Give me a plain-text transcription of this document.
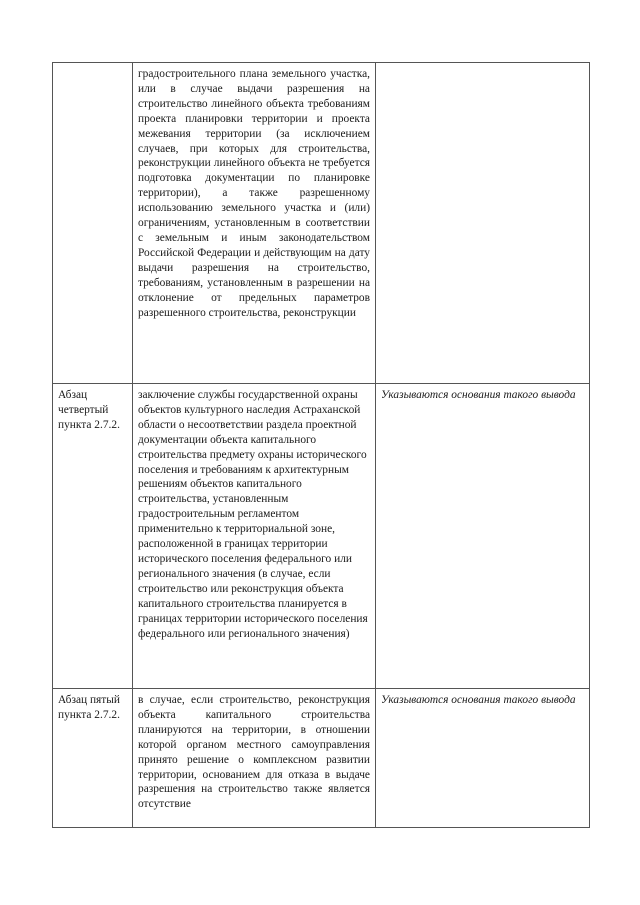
	градостроительного плана земельного участка, или в случае выдачи разрешения на строительство линейного объекта требованиям проекта планировки территории и проекта межевания территории (за исключением случаев, при которых для строительства, реконструкции линейного объекта не требуется подготовка документации по планировке территории), а также разрешенному использованию земельного участка и (или) ограничениям, установленным в соответствии с земельным и иным законодательством Российской Федерации и действующим на дату выдачи разрешения на строительство, требованиям, установленным в разрешении на отклонение от предельных параметров разрешенного строительства, реконструкции	
Абзац четвертый пункта 2.7.2.	заключение службы государственной охраны объектов культурного наследия Астраханской области о несоответствии раздела проектной документации объекта капитального строительства предмету охраны исторического поселения и требованиям к архитектурным решениям объектов капитального строительства, установленным градостроительным регламентом применительно к территориальной зоне, расположенной в границах территории исторического поселения федерального или регионального значения (в случае, если строительство или реконструкция объекта капитального строительства планируется в границах территории исторического поселения федерального или регионального значения)	Указываются основания такого вывода
Абзац пятый пункта 2.7.2.	в случае, если строительство, реконструкция объекта капитального строительства планируются на территории, в отношении которой органом местного самоуправления принято решение о комплексном развитии территории, основанием для отказа в выдаче разрешения на строительство также является отсутствие	Указываются основания такого вывода
